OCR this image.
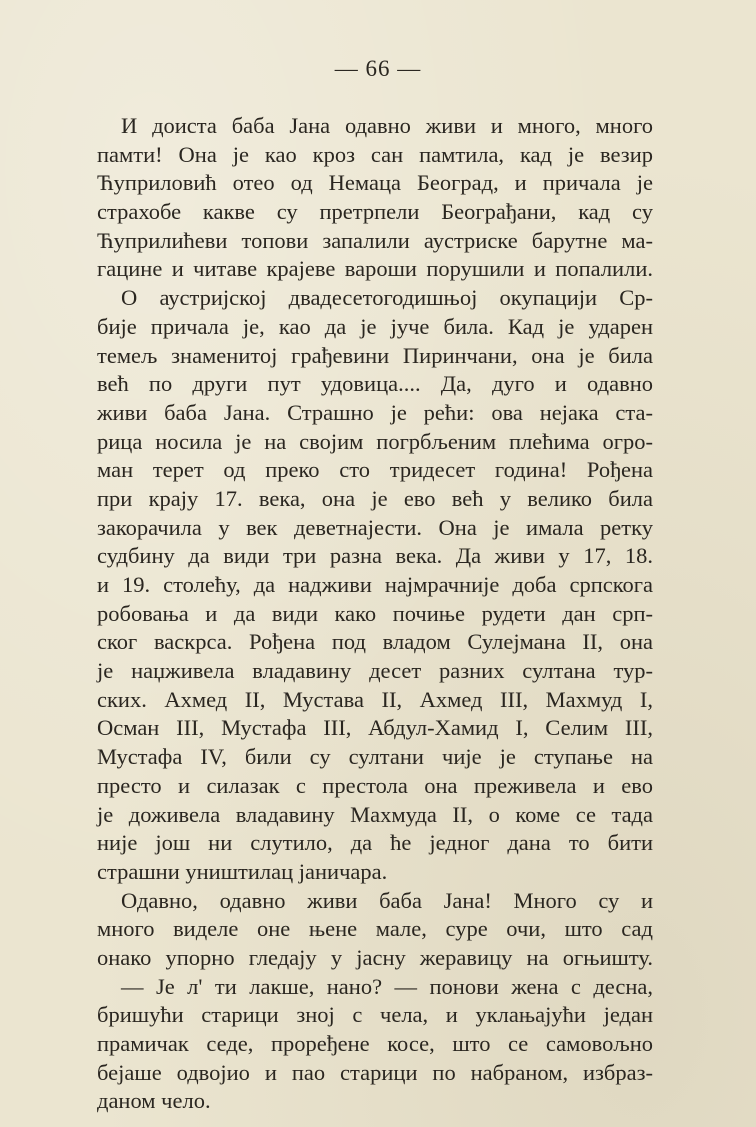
— 66 —
И доиста баба Јана одавно живи и много, много
памти! Она је као кроз сан памтила, кад је везир
Ћуприловић отео од Немаца Београд, и причала је
страхобе какве су претрпели Београђани, кад су
Ћуприлићеви топови запалили аустриске барутне ма-
гацине и читаве крајеве вароши порушили и попалили.
О аустријској двадесетогодишњој окупацији Ср-
бије причала је, као да је јуче била. Кад је ударен
темељ знаменитој грађевини Пиринчани, она је била
већ по други пут удовица.... Да, дуго и одавно
живи баба Јана. Страшно је рећи: ова нејака ста-
рица носила је на својим погрбљеним плећима огро-
ман терет од преко сто тридесет година! Рођена
при крају 17. века, она је ево већ у велико била
закорачила у век деветнајести. Она је имала ретку
судбину да види три разна века. Да живи у 17, 18.
и 19. столећу, да надживи најмрачније доба српскога
робовања и да види како почиње рудети дан срп-
ског васкрса. Рођена под владом Сулејмана II, она
је наџживела владавину десет разних султана тур-
ских. Ахмед II, Мустава II, Ахмед III, Махмуд I,
Осман III, Мустафа III, Абдул-Хамид I, Селим III,
Мустафа IV, били су султани чије је ступање на
престо и силазак с престола она преживела и ево
је доживела владавину Махмуда II, о коме се тада
није још ни слутило, да ће једног дана то бити
страшни уништилац јаничара.
Одавно, одавно живи баба Јана! Много су и
много виделе оне њене мале, суре очи, што сад
онако упорно гледају у јасну жеравицу на огњишту.
— Је л' ти лакше, нано? — понови жена с десна,
бришући старици зној с чела, и уклањајући један
прамичак седе, проређене косе, што се самовољно
бејаше одвојио и пао старици по набраном, избраз-
даном чело.
